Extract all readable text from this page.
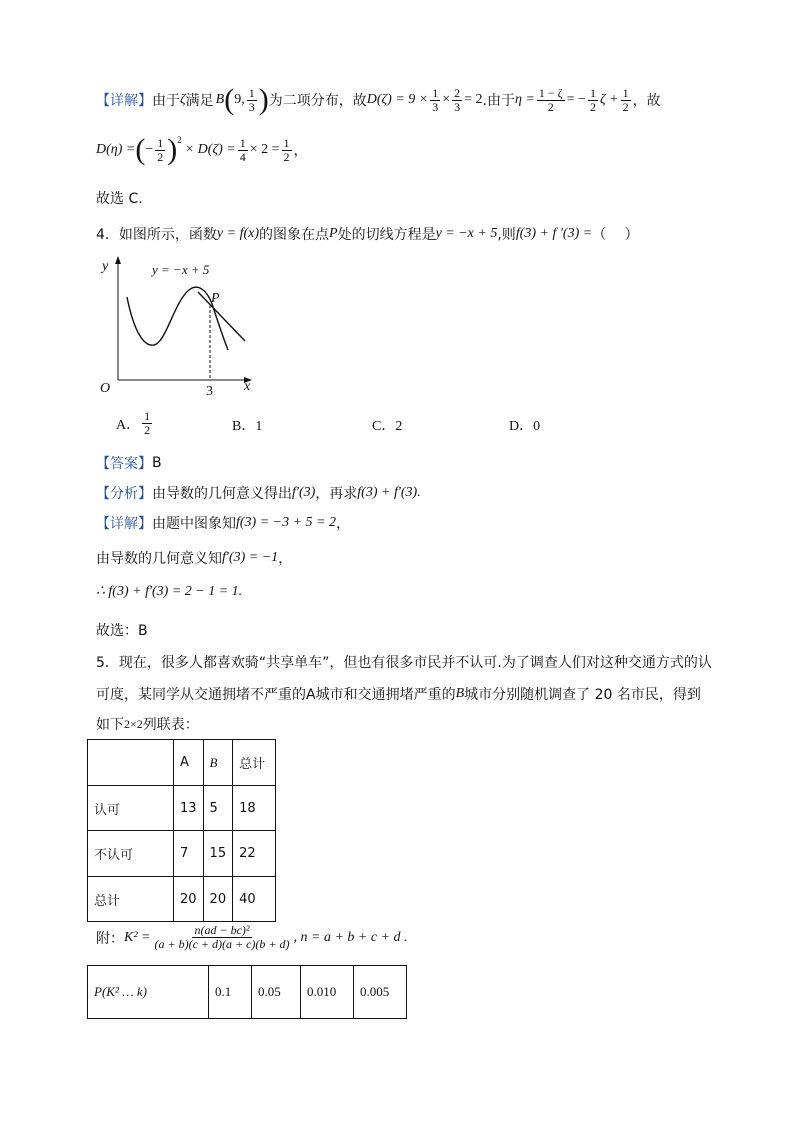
【详解】 由于 ζ 满足 B ( 9, $\frac{1}{3}$ ) 为二项分布，故 $D(\zeta) = 9 \times \frac{1}{3} \times \frac{2}{3} = 2$ .由于 $\eta = \frac{1 - \zeta}{2}$ = − $\frac{1}{2}$ $\zeta + \frac{1}{2}$ ，故
D(η) = ( − $\frac{1}{2}$ ) 2
× $D(\zeta) = \frac{1}{4} \times 2 = \frac{1}{2}$ ，
故选 C.
4．如图所示，函数 y = f(x) 的图象在点 P 处的切线方程是 y = −x + 5 ,则 f(3) + f ′(3) = （　 ）
y
x
O	3
y = −x + 5
P
A． $\frac{1}{2}$	B．1	C．2	D．0
【答案】 B
【分析】 由导数的几何意义得出 f′(3) ，再求 f(3) + f′(3).
【详解】 由题中图象知 f(3) = −3 + 5 = 2 ，
由导数的几何意义知 f′(3) = −1 ，
∴ f(3) + f′(3) = 2 − 1 = 1.
故选：B
5．现在，很多人都喜欢骑“共享单车”，但也有很多市民并不认可.为了调查人们对这种交通方式的认
可度，某同学从交通拥堵不严重的A城市和交通拥堵严重的 B 城市分别随机调查了 20 名市民，得到
如下 2×2 列联表：
	A	B	总计
认可	13	5	18
不认可	7	15	22
总计	20	20	40
附： $K^2 = \frac{\text{n(ad − bc)²}}{(a + b)(c + d)(a + c)(b + d)}$ , n = a + b + c + d .
P(K² … k)	0.1	0.05	0.010	0.005
